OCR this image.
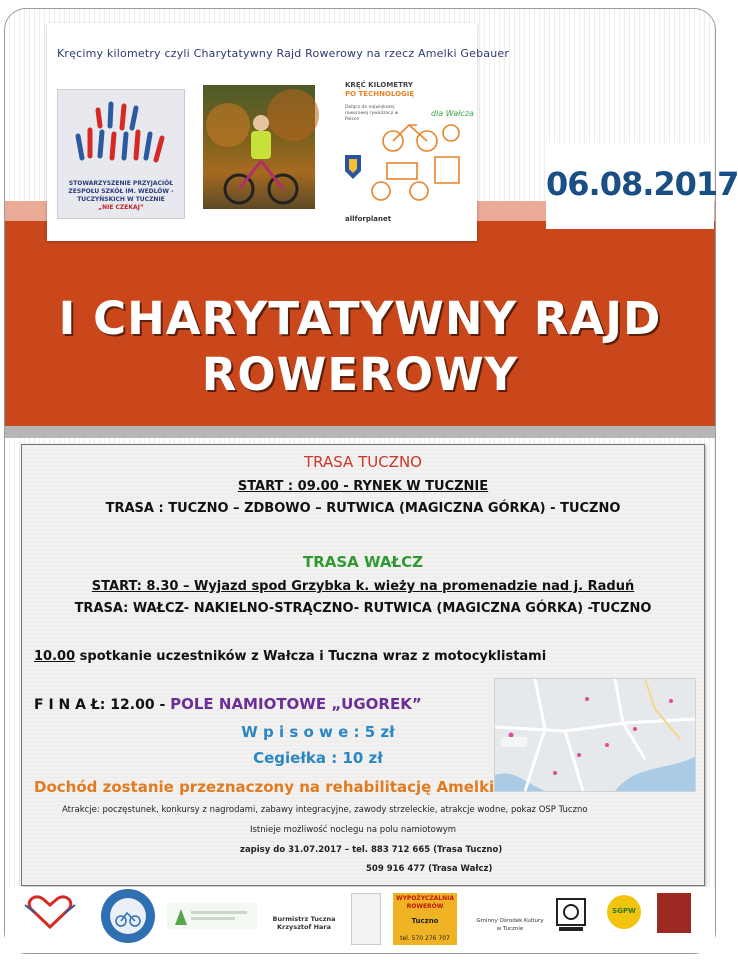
Kręcimy kilometry czyli Charytatywny Rajd Rowerowy na rzecz Amelki Gebauer
STOWARZYSZENIE PRZYJACIÓŁ ZESPOŁU SZKÓŁ IM. WEDLÓW - TUCZYŃSKICH W TUCZNIE
„NIE CZEKAJ”
KRĘĆ KILOMETRY
PO TECHNOLOGIĘ
Dołącz do największej rowerowej rywalizacji w Polsce
dla Wałcza
allforplanet
06.08.2017
I CHARYTATYWNY RAJD
ROWEROWY
TRASA TUCZNO
START : 09.00 - RYNEK W TUCZNIE
TRASA : TUCZNO – ZDBOWO – RUTWICA (MAGICZNA GÓRKA) - TUCZNO
TRASA WAŁCZ
START: 8.30 – Wyjazd spod Grzybka k. wieży na promenadzie nad j. Raduń
TRASA: WAŁCZ- NAKIELNO-STRĄCZNO- RUTWICA (MAGICZNA GÓRKA) -TUCZNO
10.00 spotkanie uczestników z Wałcza i Tuczna wraz z motocyklistami
F I N A Ł: 12.00 - POLE NAMIOTOWE „UGOREK”
W p i s o w e : 5 zł
Cegiełka : 10 zł
Dochód zostanie przeznaczony na rehabilitację Amelki
Atrakcje: poczęstunek, konkursy z nagrodami, zabawy integracyjne, zawody strzeleckie, atrakcje wodne, pokaz OSP Tuczno
Istnieje możliwość noclegu na polu namiotowym
zapisy do 31.07.2017 – tel. 883 712 665 (Trasa Tuczno)
509 916 477 (Trasa Wałcz)
Burmistrz Tuczna
Krzysztof Hara
WYPOŻYCZALNIA
ROWERÓW
Tuczno
tel. 570 276 707
Gminny Ośrodek Kultury
w Tucznie
SGPW
